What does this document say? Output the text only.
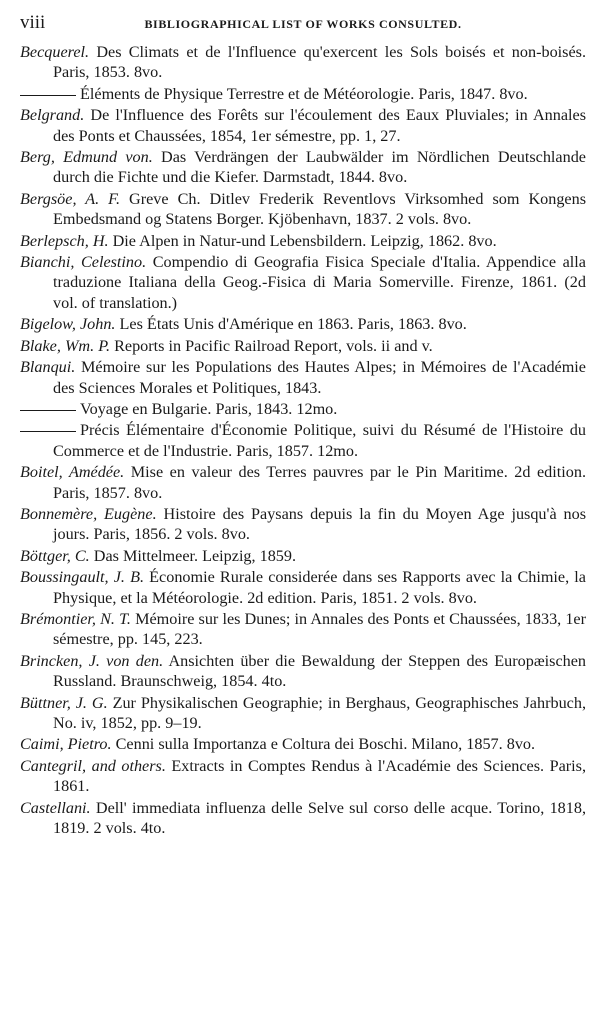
viii	BIBLIOGRAPHICAL LIST OF WORKS CONSULTED.

Becquerel. Des Climats et de l'Influence qu'exercent les Sols boisés et non-boisés. Paris, 1853. 8vo.

Éléments de Physique Terrestre et de Météorologie. Paris, 1847. 8vo.

Belgrand. De l'Influence des Forêts sur l'écoulement des Eaux Pluviales; in Annales des Ponts et Chaussées, 1854, 1er sémestre, pp. 1, 27.

Berg, Edmund von. Das Verdrängen der Laubwälder im Nördlichen Deutschlande durch die Fichte und die Kiefer. Darmstadt, 1844. 8vo.

Bergsöe, A. F. Greve Ch. Ditlev Frederik Reventlovs Virksomhed som Kongens Embedsmand og Statens Borger. Kjöbenhavn, 1837. 2 vols. 8vo.

Berlepsch, H. Die Alpen in Natur-und Lebensbildern. Leipzig, 1862. 8vo.

Bianchi, Celestino. Compendio di Geografia Fisica Speciale d'Italia. Appendice alla traduzione Italiana della Geog.-Fisica di Maria Somerville. Firenze, 1861. (2d vol. of translation.)

Bigelow, John. Les États Unis d'Amérique en 1863. Paris, 1863. 8vo.

Blake, Wm. P. Reports in Pacific Railroad Report, vols. ii and v.

Blanqui. Mémoire sur les Populations des Hautes Alpes; in Mémoires de l'Académie des Sciences Morales et Politiques, 1843.

Voyage en Bulgarie. Paris, 1843. 12mo.

Précis Élémentaire d'Économie Politique, suivi du Résumé de l'Histoire du Commerce et de l'Industrie. Paris, 1857. 12mo.

Boitel, Amédée. Mise en valeur des Terres pauvres par le Pin Maritime. 2d edition. Paris, 1857. 8vo.

Bonnemère, Eugène. Histoire des Paysans depuis la fin du Moyen Age jusqu'à nos jours. Paris, 1856. 2 vols. 8vo.

Böttger, C. Das Mittelmeer. Leipzig, 1859.

Boussingault, J. B. Économie Rurale considerée dans ses Rapports avec la Chimie, la Physique, et la Météorologie. 2d edition. Paris, 1851. 2 vols. 8vo.

Brémontier, N. T. Mémoire sur les Dunes; in Annales des Ponts et Chaussées, 1833, 1er sémestre, pp. 145, 223.

Brincken, J. von den. Ansichten über die Bewaldung der Steppen des Europæischen Russland. Braunschweig, 1854. 4to.

Büttner, J. G. Zur Physikalischen Geographie; in Berghaus, Geographisches Jahrbuch, No. iv, 1852, pp. 9–19.

Caimi, Pietro. Cenni sulla Importanza e Coltura dei Boschi. Milano, 1857. 8vo.

Cantegril, and others. Extracts in Comptes Rendus à l'Académie des Sciences. Paris, 1861.

Castellani. Dell' immediata influenza delle Selve sul corso delle acque. Torino, 1818, 1819. 2 vols. 4to.
